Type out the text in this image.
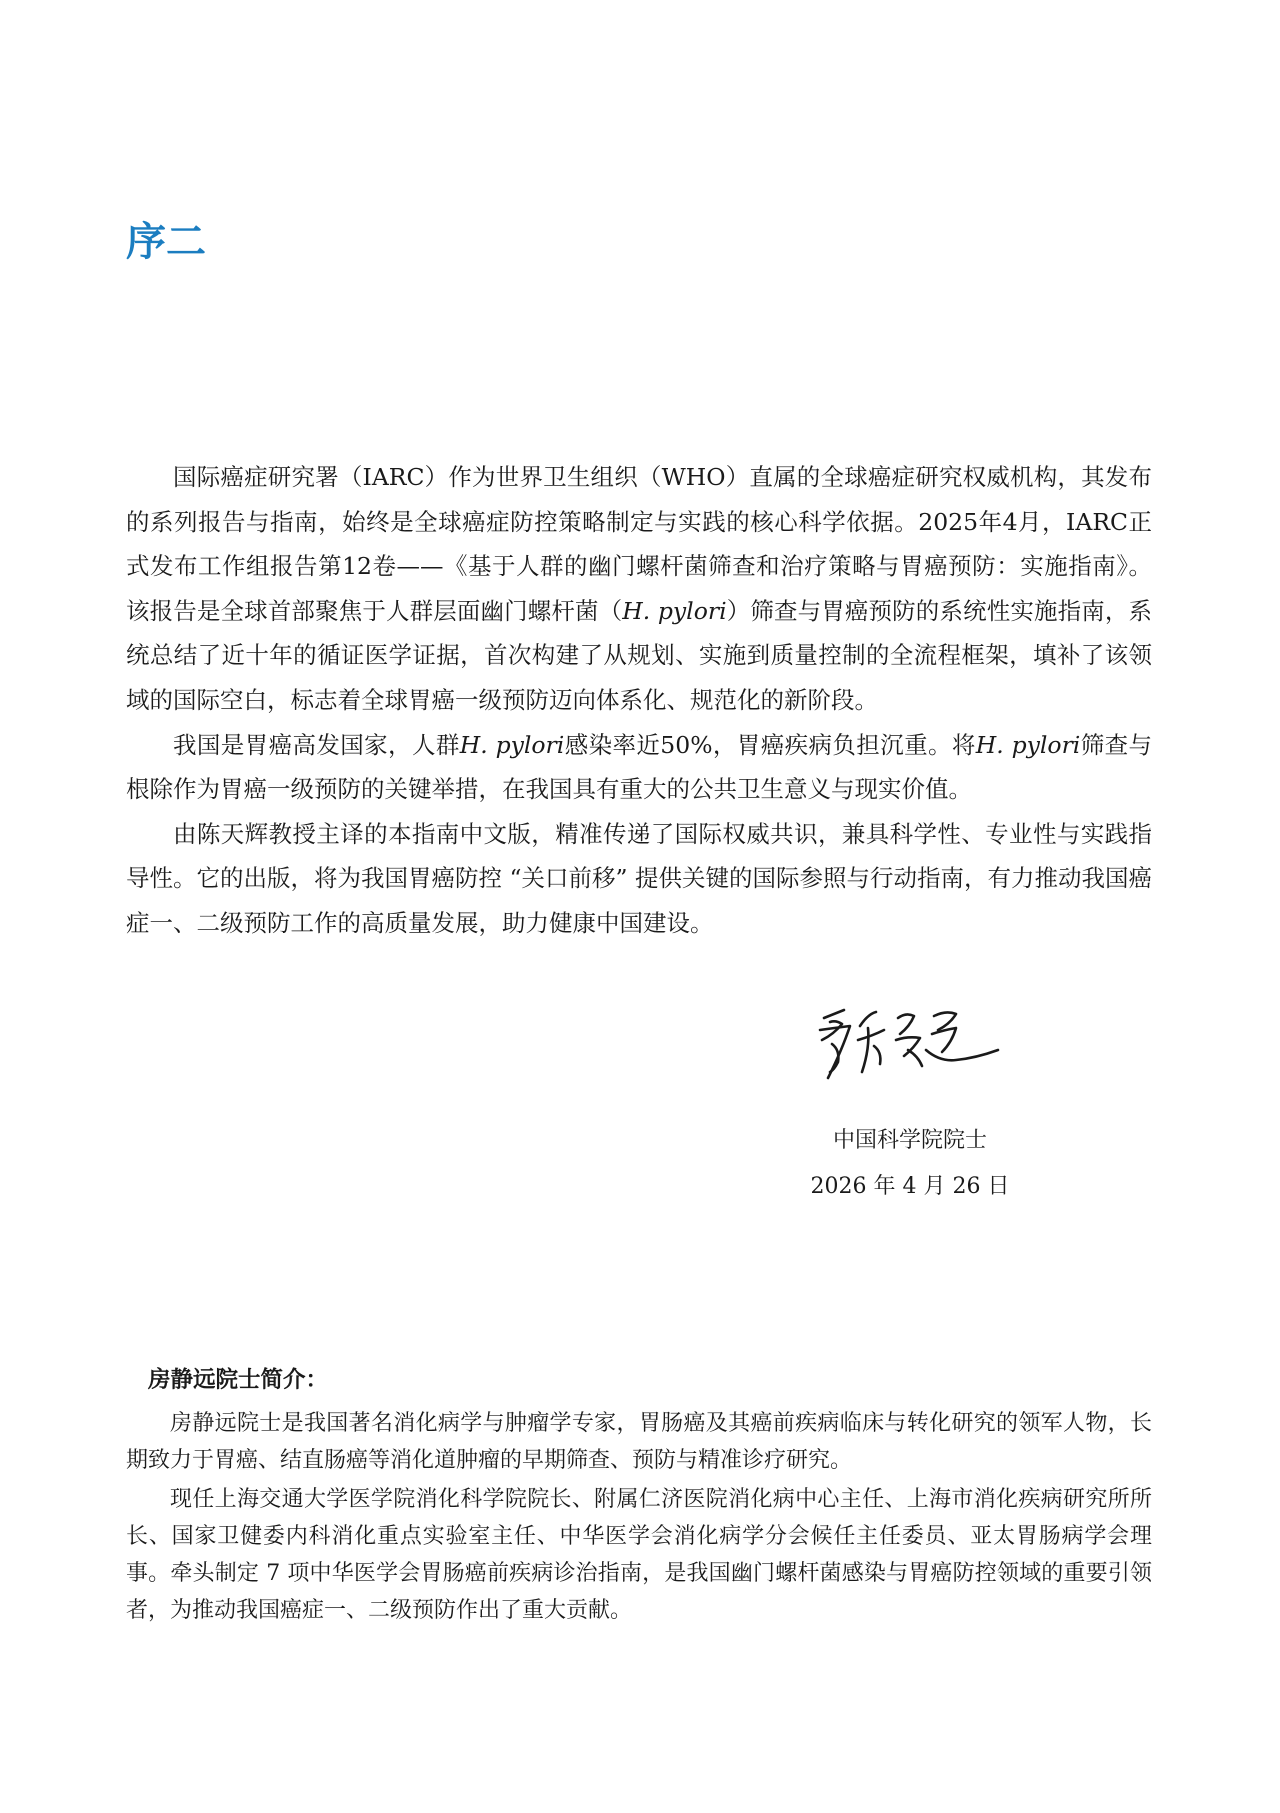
序二

国际癌症研究署（IARC）作为世界卫生组织（WHO）直属的全球癌症研究权威机构，其发布的系列报告与指南，始终是全球癌症防控策略制定与实践的核心科学依据。2025年4月，IARC正式发布工作组报告第12卷——《基于人群的幽门螺杆菌筛查和治疗策略与胃癌预防：实施指南》。该报告是全球首部聚焦于人群层面幽门螺杆菌（H. pylori）筛查与胃癌预防的系统性实施指南，系统总结了近十年的循证医学证据，首次构建了从规划、实施到质量控制的全流程框架，填补了该领域的国际空白，标志着全球胃癌一级预防迈向体系化、规范化的新阶段。

我国是胃癌高发国家，人群H. pylori感染率近50%，胃癌疾病负担沉重。将H. pylori筛查与根除作为胃癌一级预防的关键举措，在我国具有重大的公共卫生意义与现实价值。

由陈天辉教授主译的本指南中文版，精准传递了国际权威共识，兼具科学性、专业性与实践指导性。它的出版，将为我国胃癌防控 “关口前移” 提供关键的国际参照与行动指南，有力推动我国癌症一、二级预防工作的高质量发展，助力健康中国建设。

中国科学院院士
2026 年 4 月 26 日
房静远院士简介：

房静远院士是我国著名消化病学与肿瘤学专家，胃肠癌及其癌前疾病临床与转化研究的领军人物，长期致力于胃癌、结直肠癌等消化道肿瘤的早期筛查、预防与精准诊疗研究。

现任上海交通大学医学院消化科学院院长、附属仁济医院消化病中心主任、上海市消化疾病研究所所长、国家卫健委内科消化重点实验室主任、中华医学会消化病学分会候任主任委员、亚太胃肠病学会理事。牵头制定 7 项中华医学会胃肠癌前疾病诊治指南，是我国幽门螺杆菌感染与胃癌防控领域的重要引领者，为推动我国癌症一、二级预防作出了重大贡献。
